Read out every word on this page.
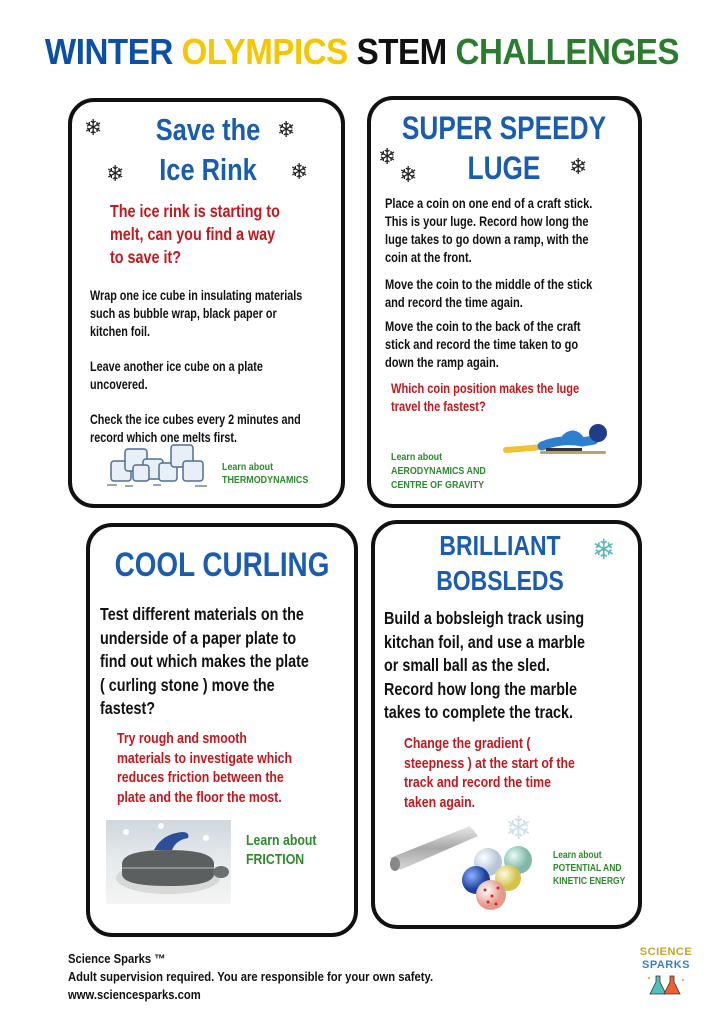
WINTER OLYMPICS STEM CHALLENGES
❄	❄
❄	❄
Save the
Ice Rink
The ice rink is starting to
melt, can you find a way
to save it?
Wrap one ice cube in insulating materials
such as bubble wrap, black paper or
kitchen foil.
Leave another ice cube on a plate
uncovered.
Check the ice cubes every 2 minutes and
record which one melts first.
Learn about
THERMODYNAMICS
SUPER SPEEDY
LUGE
❄
❄	❄
Place a coin on one end of a craft stick.
This is your luge. Record how long the
luge takes to go down a ramp, with the
coin at the front.
Move the coin to the middle of the stick
and record the time again.
Move the coin to the back of the craft
stick and record the time taken to go
down the ramp again.
Which coin position makes the luge
travel the fastest?
Learn about
AERODYNAMICS AND
CENTRE OF GRAVITY
COOL CURLING
Test different materials on the
underside of a paper plate to
find out which makes the plate
( curling stone ) move the
fastest?
Try rough and smooth
materials to investigate which
reduces friction between the
plate and the floor the most.
Learn about
FRICTION
BRILLIANT
BOBSLEDS
❄
Build a bobsleigh track using
kitchan foil, and use a marble
or small ball as the sled.
Record how long the marble
takes to complete the track.
Change the gradient (
steepness ) at the start of the
track and record the time
taken again.
❄
Learn about
POTENTIAL AND
KINETIC ENERGY
Science Sparks ™
Adult supervision required. You are responsible for your own safety.
www.sciencesparks.com
SCIENCE
SPARKS
